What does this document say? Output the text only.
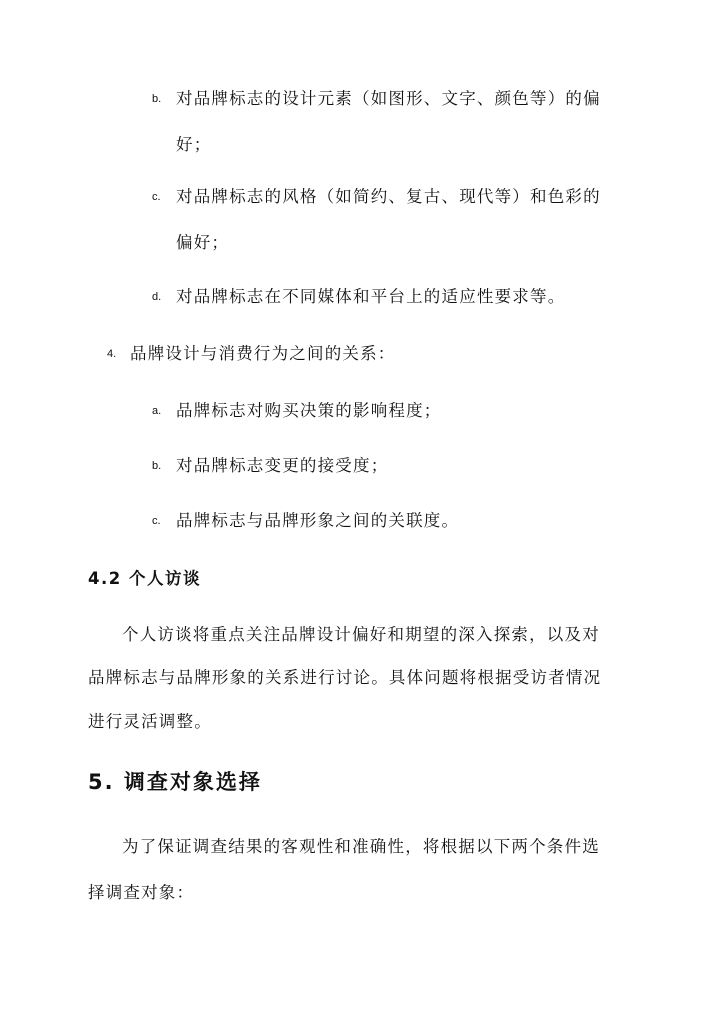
b. 对品牌标志的设计元素（如图形、文字、颜色等）的偏
好；
c. 对品牌标志的风格（如简约、复古、现代等）和色彩的
偏好；
d. 对品牌标志在不同媒体和平台上的适应性要求等。
4. 品牌设计与消费行为之间的关系：
a. 品牌标志对购买决策的影响程度；
b. 对品牌标志变更的接受度；
c. 品牌标志与品牌形象之间的关联度。
4.2 个人访谈
个人访谈将重点关注品牌设计偏好和期望的深入探索，以及对
品牌标志与品牌形象的关系进行讨论。具体问题将根据受访者情况
进行灵活调整。
5. 调查对象选择
为了保证调查结果的客观性和准确性，将根据以下两个条件选
择调查对象：
